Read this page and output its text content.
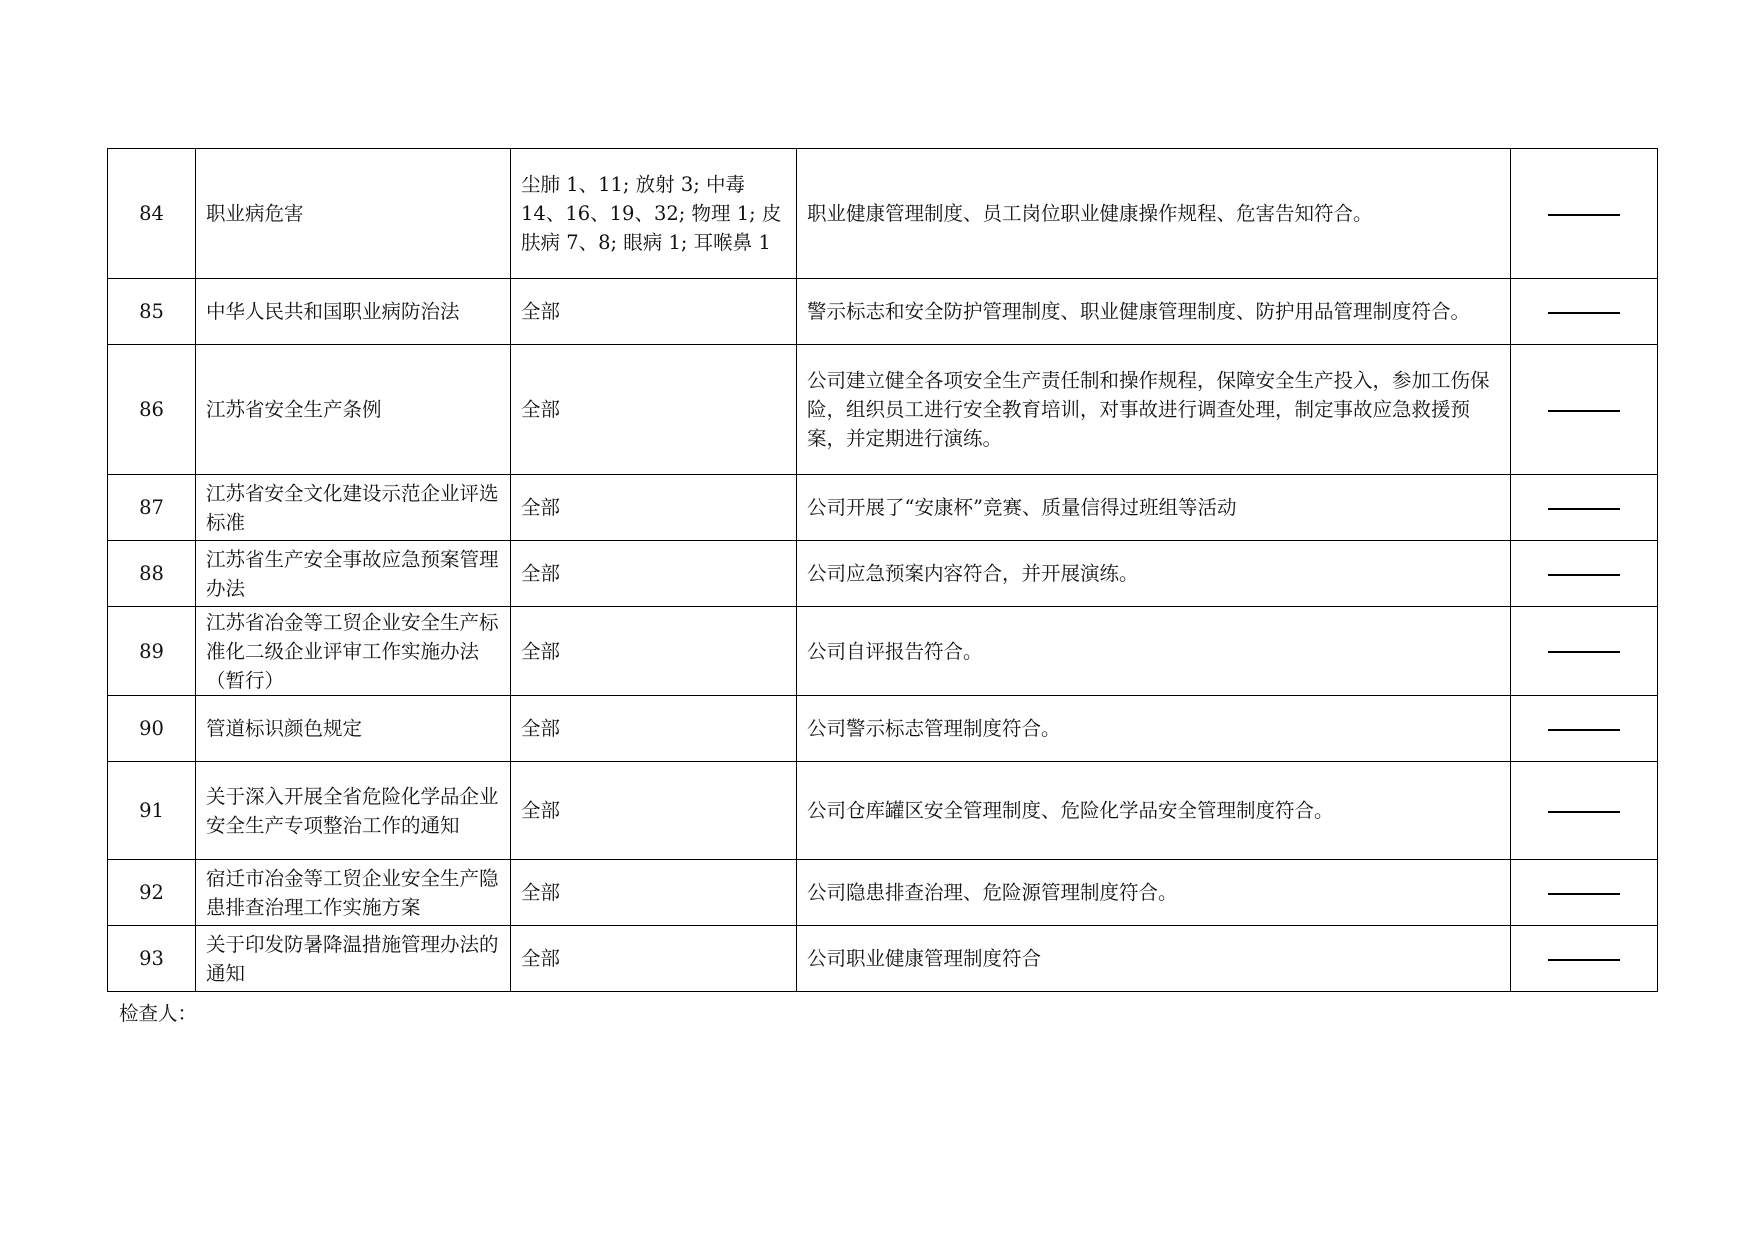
84	职业病危害	尘肺 1、11; 放射 3; 中毒 14、16、19、32; 物理 1; 皮肤病 7、8; 眼病 1; 耳喉鼻 1	职业健康管理制度、员工岗位职业健康操作规程、危害告知符合。	
85	中华人民共和国职业病防治法	全部	警示标志和安全防护管理制度、职业健康管理制度、防护用品管理制度符合。	
86	江苏省安全生产条例	全部	公司建立健全各项安全生产责任制和操作规程，保障安全生产投入，参加工伤保险，组织员工进行安全教育培训，对事故进行调查处理，制定事故应急救援预案，并定期进行演练。	
87	江苏省安全文化建设示范企业评选标准	全部	公司开展了“安康杯”竞赛、质量信得过班组等活动	
88	江苏省生产安全事故应急预案管理办法	全部	公司应急预案内容符合，并开展演练。	
89	江苏省冶金等工贸企业安全生产标准化二级企业评审工作实施办法（暂行）	全部	公司自评报告符合。	
90	管道标识颜色规定	全部	公司警示标志管理制度符合。	
91	关于深入开展全省危险化学品企业安全生产专项整治工作的通知	全部	公司仓库罐区安全管理制度、危险化学品安全管理制度符合。	
92	宿迁市冶金等工贸企业安全生产隐患排查治理工作实施方案	全部	公司隐患排查治理、危险源管理制度符合。	
93	关于印发防暑降温措施管理办法的通知	全部	公司职业健康管理制度符合	
检查人：
